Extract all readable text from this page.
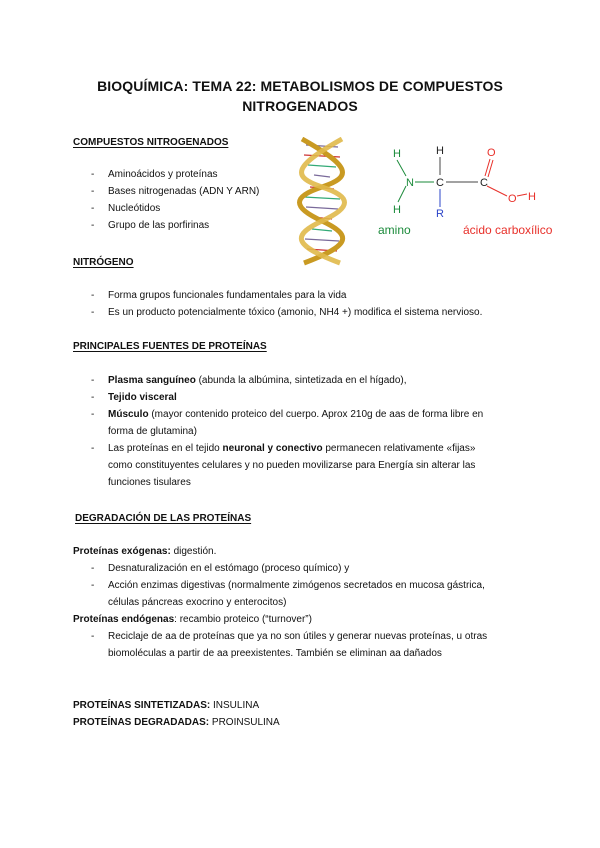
BIOQUÍMICA: TEMA 22: METABOLISMOS DE COMPUESTOS
NITROGENADOS
COMPUESTOS NITROGENADOS
- Aminoácidos y proteínas
- Bases nitrogenadas (ADN Y ARN)
- Nucleótidos
- Grupo de las porfirinas
H
N
H
H
C
R
C
O
O H
amino	ácido carboxílico
NITRÓGENO
- Forma grupos funcionales fundamentales para la vida
- Es un producto potencialmente tóxico (amonio, NH4 +) modifica el sistema nervioso.
PRINCIPALES FUENTES DE PROTEÍNAS
- Plasma sanguíneo (abunda la albúmina, sintetizada en el hígado),
- Tejido visceral
- Músculo (mayor contenido proteico del cuerpo. Aprox 210g de aas de forma libre en
forma de glutamina)
- Las proteínas en el tejido neuronal y conectivo permanecen relativamente «fijas»
como constituyentes celulares y no pueden movilizarse para Energía sin alterar las
funciones tisulares
DEGRADACIÓN DE LAS PROTEÍNAS
Proteínas exógenas: digestión.
- Desnaturalización en el estómago (proceso químico) y
- Acción enzimas digestivas (normalmente zimógenos secretados en mucosa gástrica,
células páncreas exocrino y enterocitos)
Proteínas endógenas: recambio proteico (“turnover”)
- Reciclaje de aa de proteínas que ya no son útiles y generar nuevas proteínas, u otras
biomoléculas a partir de aa preexistentes. También se eliminan aa dañados
PROTEÍNAS SINTETIZADAS: INSULINA
PROTEÍNAS DEGRADADAS: PROINSULINA
